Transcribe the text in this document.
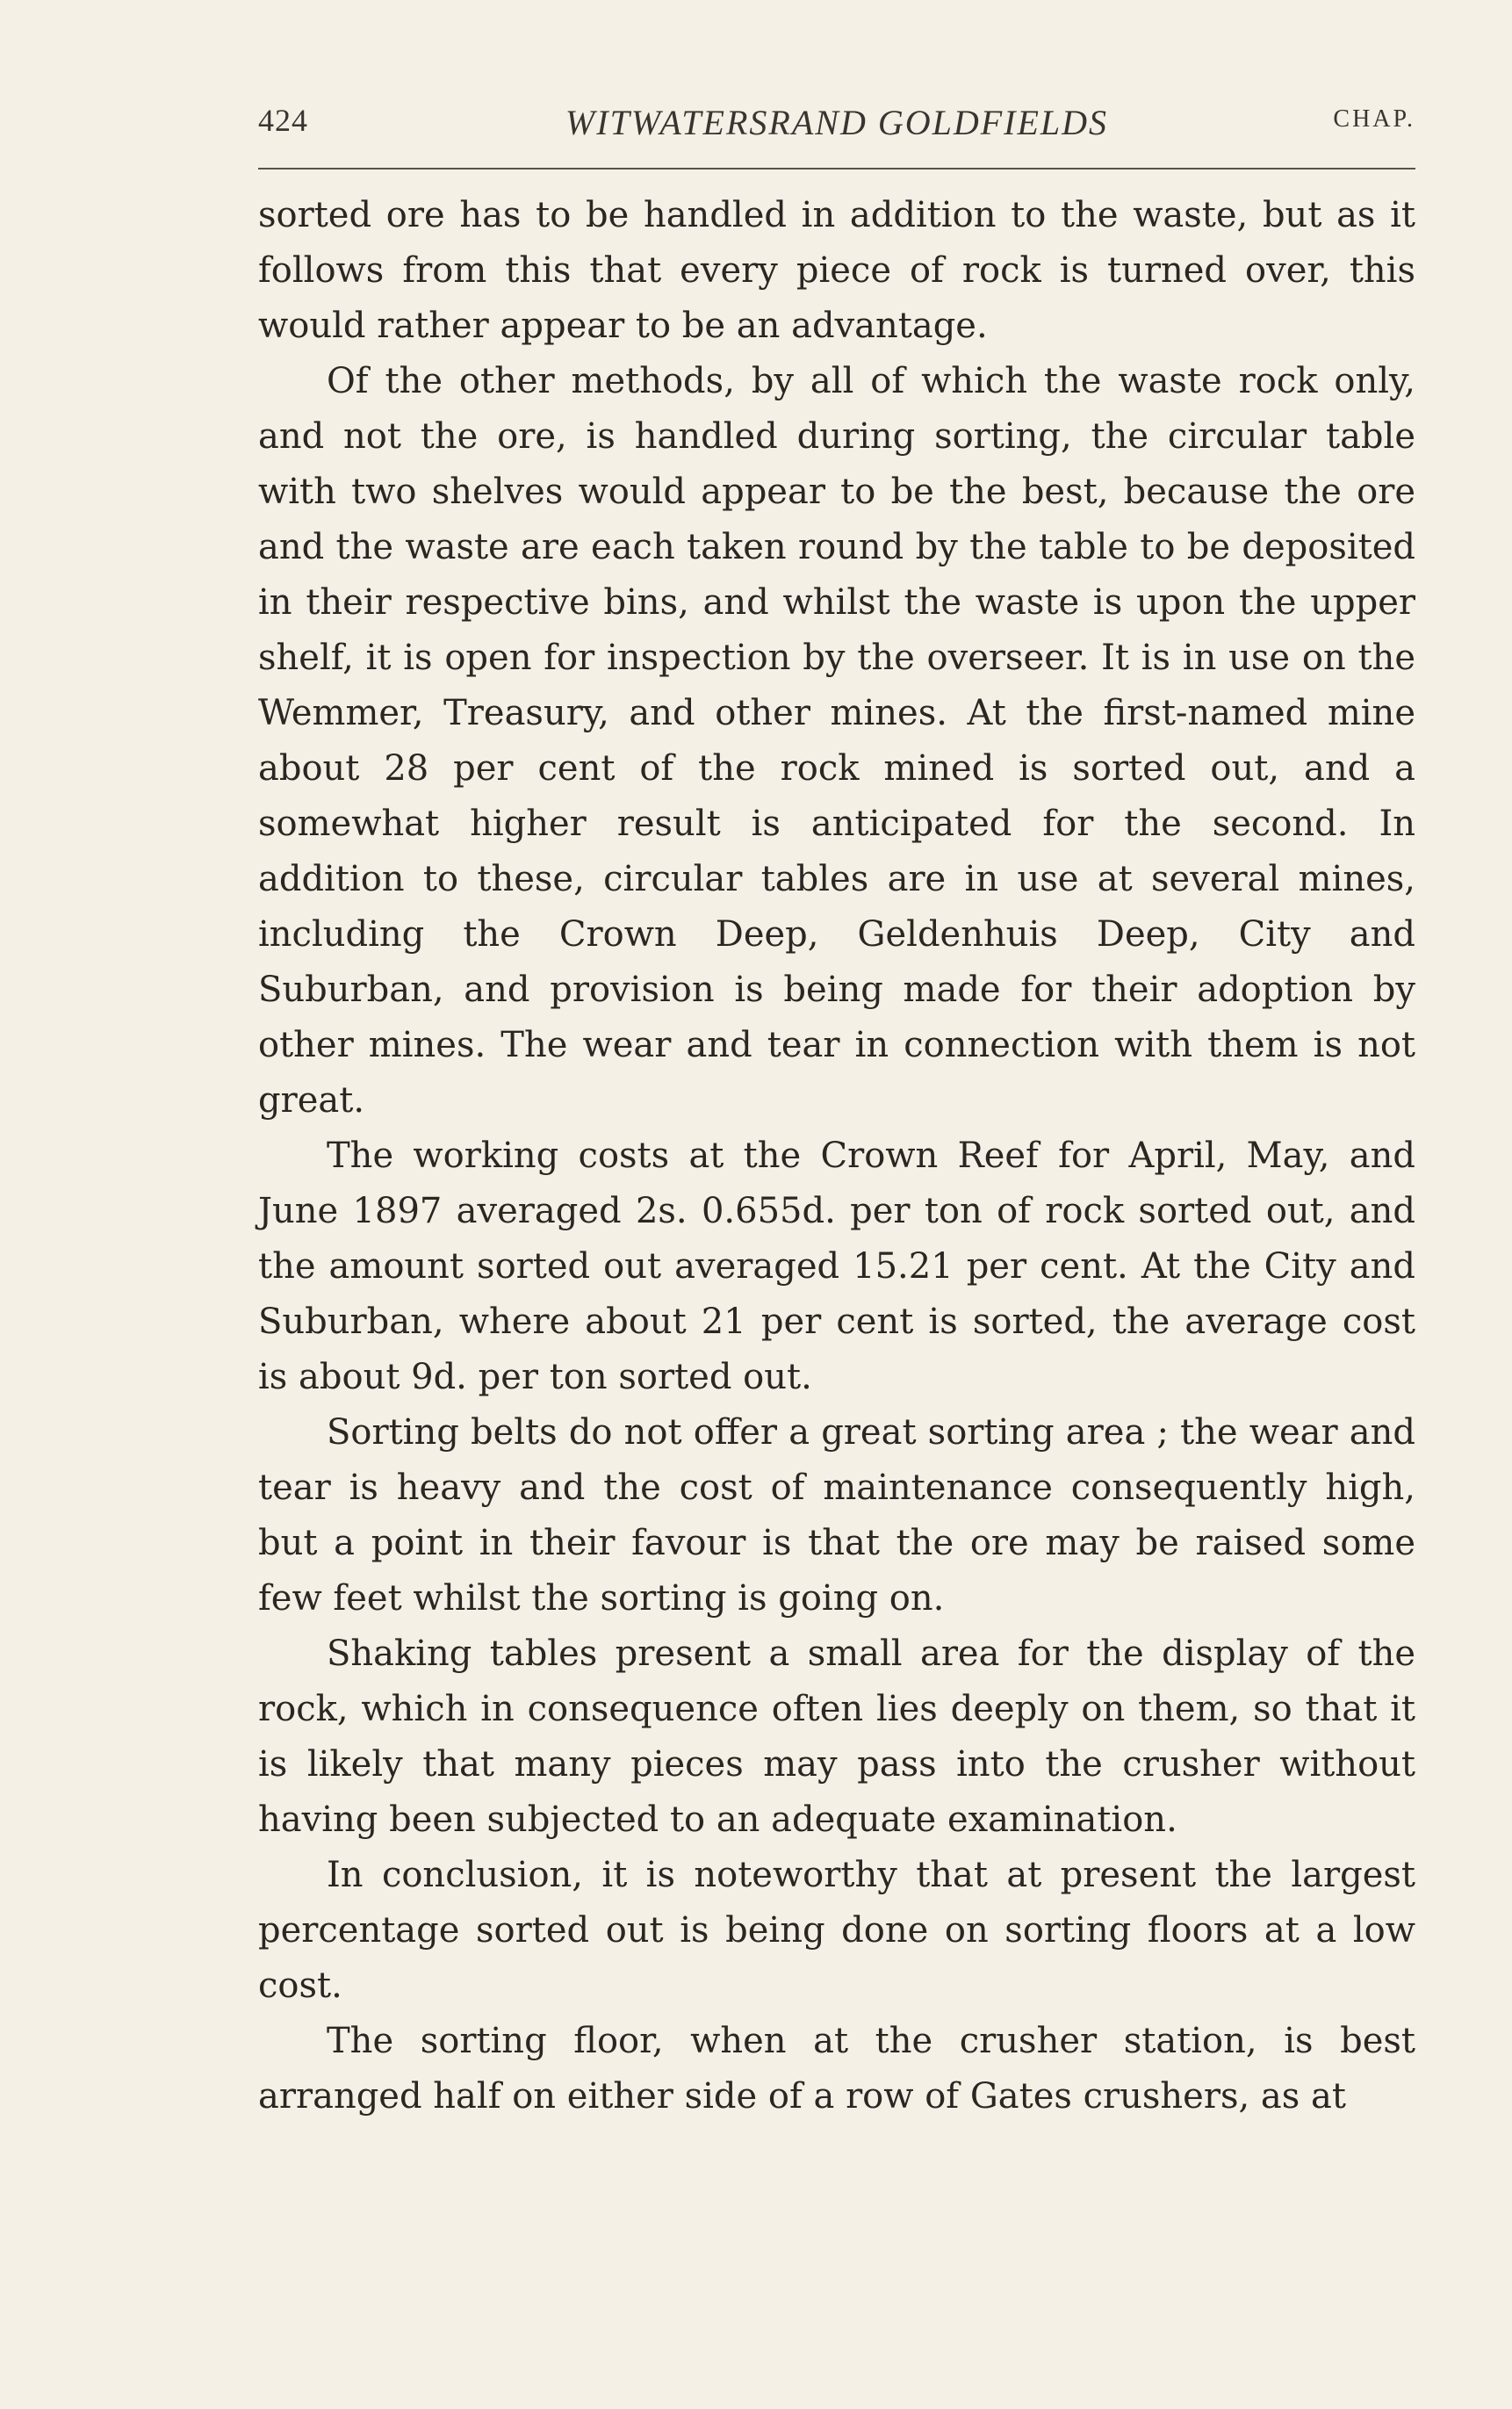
424	WITWATERSRAND GOLDFIELDS	CHAP.

sorted ore has to be handled in addition to the waste, but as it follows from this that every piece of rock is turned over, this would rather appear to be an advantage.

Of the other methods, by all of which the waste rock only, and not the ore, is handled during sorting, the circular table with two shelves would appear to be the best, because the ore and the waste are each taken round by the table to be deposited in their respective bins, and whilst the waste is upon the upper shelf, it is open for inspection by the overseer. It is in use on the Wemmer, Treasury, and other mines. At the first-named mine about 28 per cent of the rock mined is sorted out, and a somewhat higher result is anticipated for the second. In addition to these, circular tables are in use at several mines, including the Crown Deep, Geldenhuis Deep, City and Suburban, and provision is being made for their adoption by other mines. The wear and tear in connection with them is not great.

The working costs at the Crown Reef for April, May, and June 1897 averaged 2s. 0.655d. per ton of rock sorted out, and the amount sorted out averaged 15.21 per cent. At the City and Suburban, where about 21 per cent is sorted, the average cost is about 9d. per ton sorted out.

Sorting belts do not offer a great sorting area ; the wear and tear is heavy and the cost of maintenance consequently high, but a point in their favour is that the ore may be raised some few feet whilst the sorting is going on.

Shaking tables present a small area for the display of the rock, which in consequence often lies deeply on them, so that it is likely that many pieces may pass into the crusher without having been subjected to an adequate examination.

In conclusion, it is noteworthy that at present the largest percentage sorted out is being done on sorting floors at a low cost.

The sorting floor, when at the crusher station, is best arranged half on either side of a row of Gates crushers, as at
